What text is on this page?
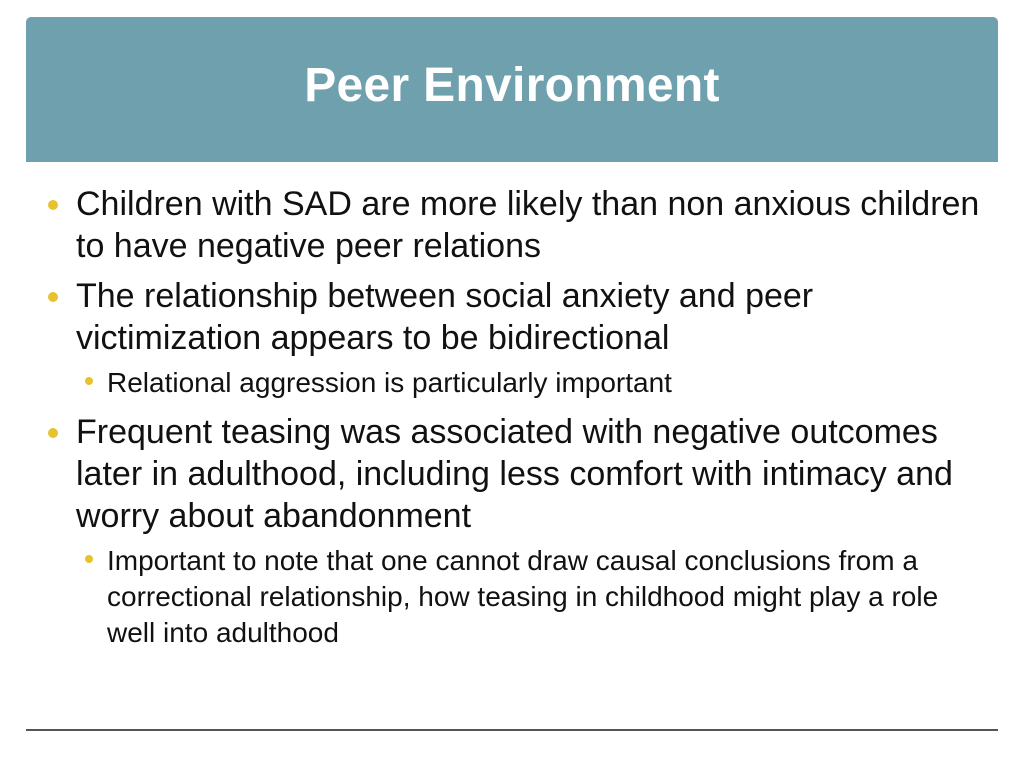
Peer Environment
Children with SAD are more likely than non anxious children to have negative peer relations
The relationship between social anxiety and peer victimization appears to be bidirectional
Relational aggression is particularly important
Frequent teasing was associated with negative outcomes later in adulthood, including less comfort with intimacy and worry about abandonment
Important to note that one cannot draw causal conclusions from a correctional relationship, how teasing in childhood might play a role well into adulthood
